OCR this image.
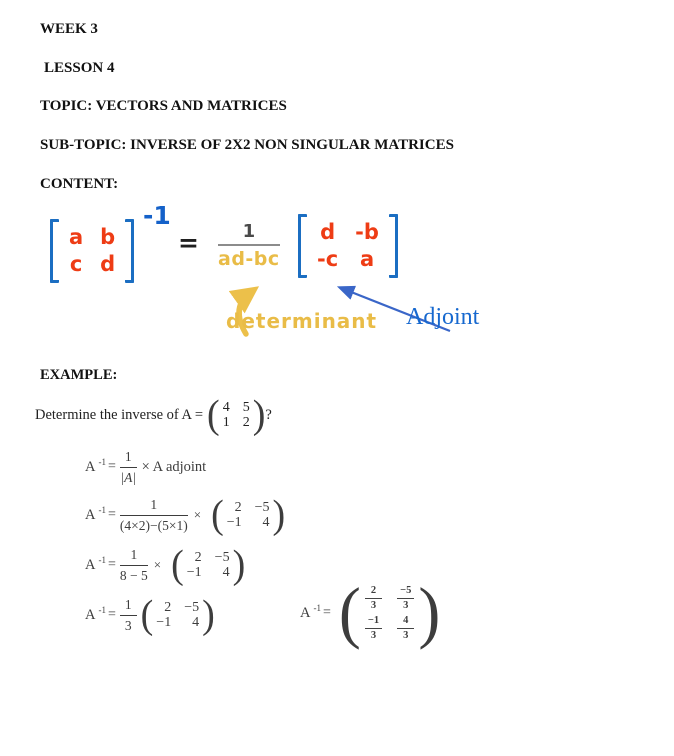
WEEK 3
LESSON 4
TOPIC: VECTORS AND MATRICES
SUB-TOPIC: INVERSE OF 2X2 NON SINGULAR MATRICES
CONTENT:
a b
c d
-1
= $\frac{1}{ad-bc}$ d -b
-c a
determinant Adjoint
EXAMPLE:
Determine the inverse of A = ( 4 5
1 2 ) ?
A $^{-1} = \frac{1}{|A|} \times A$ adjoint
A $^{-1} = \frac{1}{(4\times 2)-(5\times 1)}$ × ( 2 −5
−1	4 )
A $^{-1} = \frac{1}{8 - 5}$ × ( 2 −5
−1	4 )
A $^{-1} = \frac{1}{3}$ ( 2 −5
−1	4 )	A $^{-1}$ = ( $\frac{2}{3} \frac{-5}{3}$
$\frac{-1}{3} \frac{4}{3}$ )
